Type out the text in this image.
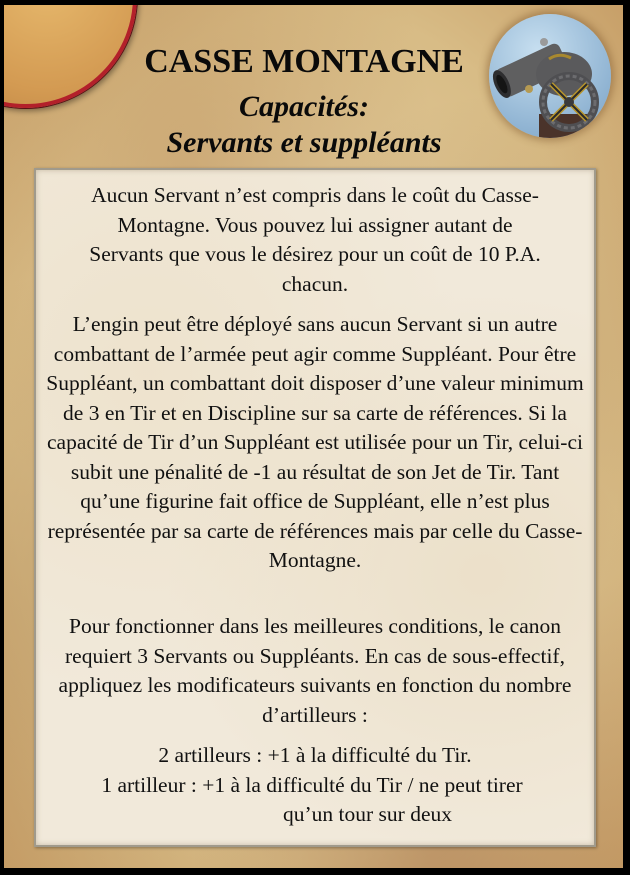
CASSE MONTAGNE
Capacités:
Servants et suppléants
Aucun Servant n’est compris dans le coût du Casse-Montagne. Vous pouvez lui assigner autant de Servants que vous le désirez pour un coût de 10 P.A. chacun.
L’engin peut être déployé sans aucun Servant si un autre combattant de l’armée peut agir comme Suppléant. Pour être Suppléant, un combattant doit disposer d’une valeur minimum de 3 en Tir et en Discipline sur sa carte de références. Si la capacité de Tir d’un Suppléant est utilisée pour un Tir, celui-ci subit une pénalité de -1 au résultat de son Jet de Tir. Tant qu’une figurine fait office de Suppléant, elle n’est plus représentée par sa carte de références mais par celle du Casse-Montagne.
Pour fonctionner dans les meilleures conditions, le canon requiert 3 Servants ou Suppléants. En cas de sous-effectif, appliquez les modificateurs suivants en fonction du nombre d’artilleurs :
2 artilleurs : +1 à la difficulté du Tir.
1 artilleur : +1 à la difficulté du Tir / ne peut tirer
qu’un tour sur deux
